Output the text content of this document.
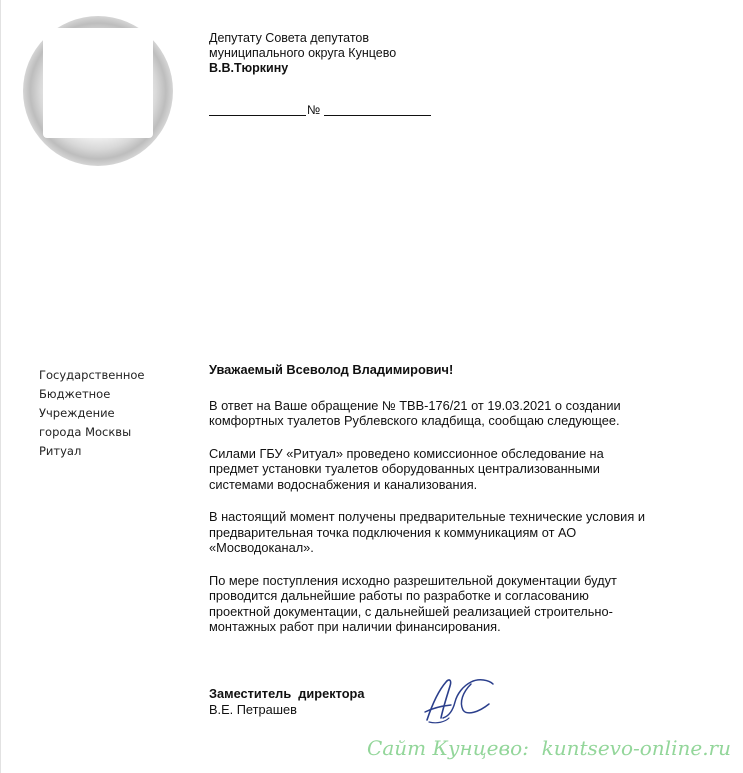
Депутату Совета депутатов
муниципального округа Кунцево
В.В.Тюркину
№
Государственное
Бюджетное
Учреждение
города Москвы
Ритуал
Уважаемый Всеволод Владимирович!
В ответ на Ваше обращение № ТВВ-176/21 от 19.03.2021 о создании
комфортных туалетов Рублевского кладбища, сообщаю следующее.
Силами ГБУ «Ритуал» проведено комиссионное обследование на
предмет установки туалетов оборудованных централизованными
системами водоснабжения и канализования.
В настоящий момент получены предварительные технические условия и
предварительная точка подключения к коммуникациям от АО
«Мосводоканал».
По мере поступления исходно разрешительной документации будут
проводится дальнейшие работы по разработке и согласованию
проектной документации, с дальнейшей реализацией строительно-
монтажных работ при наличии финансирования.
Заместитель  директора
В.Е. Петрашев
Сайт Кунцево:  kuntsevo-online.ru
